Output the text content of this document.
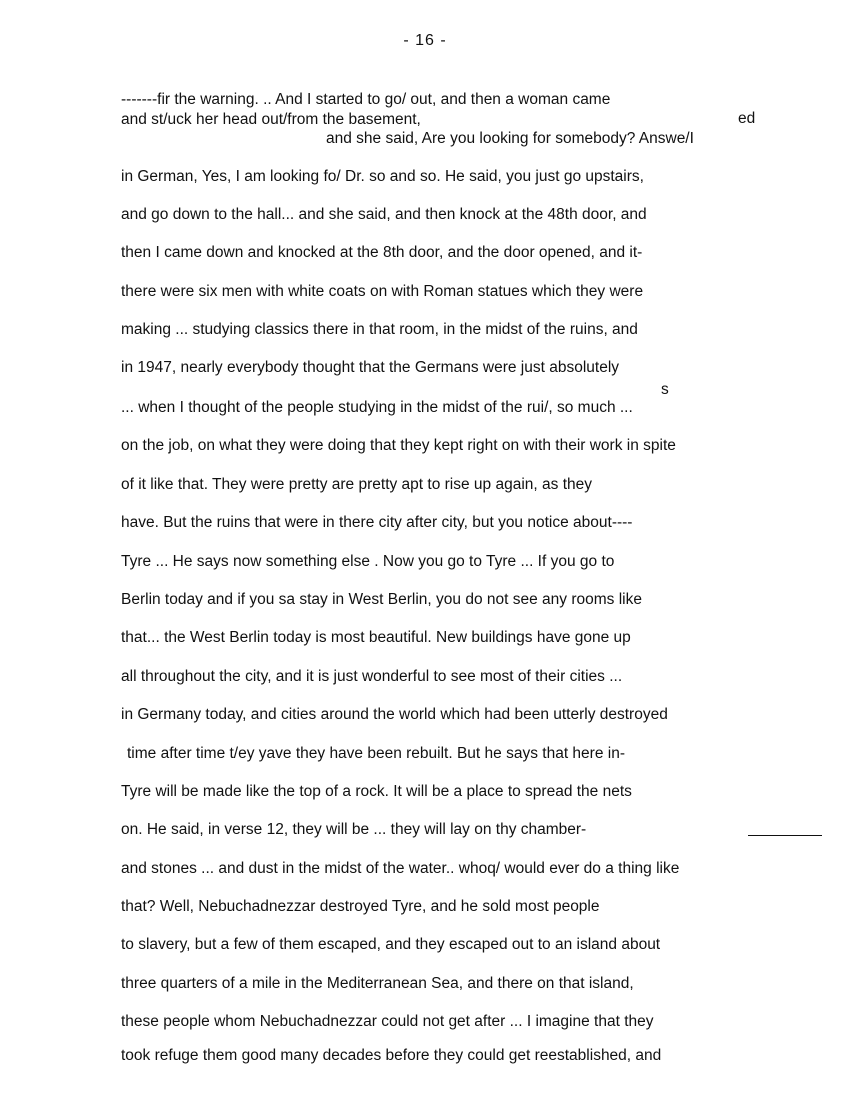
- 16 -
-------fir the warning. .. And I started to go/ out, and then a woman came
ed
and st/uck her head out/from the basement,
and she said, Are you looking for somebody? Answe/I
in German, Yes, I am looking fo/ Dr. so and so. He said, you just go upstairs,
and go down to the hall... and she said, and then knock at the 48th door, and
then I came down and knocked at the 8th door, and the door opened, and it-
there were six men with white coats on with Roman statues which they were
making ... studying classics there in that room, in the midst of the ruins, and
in 1947, nearly everybody thought that the Germans were just absolutely
s
... when I thought of the people studying in the midst of the rui/, so much ...
on the job, on what they were doing that they kept right on with their work in spite
of it like that. They were pretty are pretty apt to rise up again, as they
have. But the ruins that were in there city after city, but you notice about----
Tyre ... He says now something else . Now you go to Tyre ... If you go to
Berlin today and if you sa stay in West Berlin, you do not see any rooms like
that... the West Berlin today is most beautiful. New buildings have gone up
all throughout the city, and it is just wonderful to see most of their cities ...
in Germany today, and cities around the world which had been utterly destroyed
time after time t/ey yave they have been rebuilt. But he says that here in-
Tyre will be made like the top of a rock. It will be a place to spread the nets
on. He said, in verse 12, they will be ... they will lay on thy chamber-
and stones ... and dust in the midst of the water.. whoq/ would ever do a thing like
that? Well, Nebuchadnezzar destroyed Tyre, and he sold most people
to slavery, but a few of them escaped, and they escaped out to an island about
three quarters of a mile in the Mediterranean Sea, and there on that island,
these people whom Nebuchadnezzar could not get after ... I imagine that they
took refuge them good many decades before they could get reestablished, and
